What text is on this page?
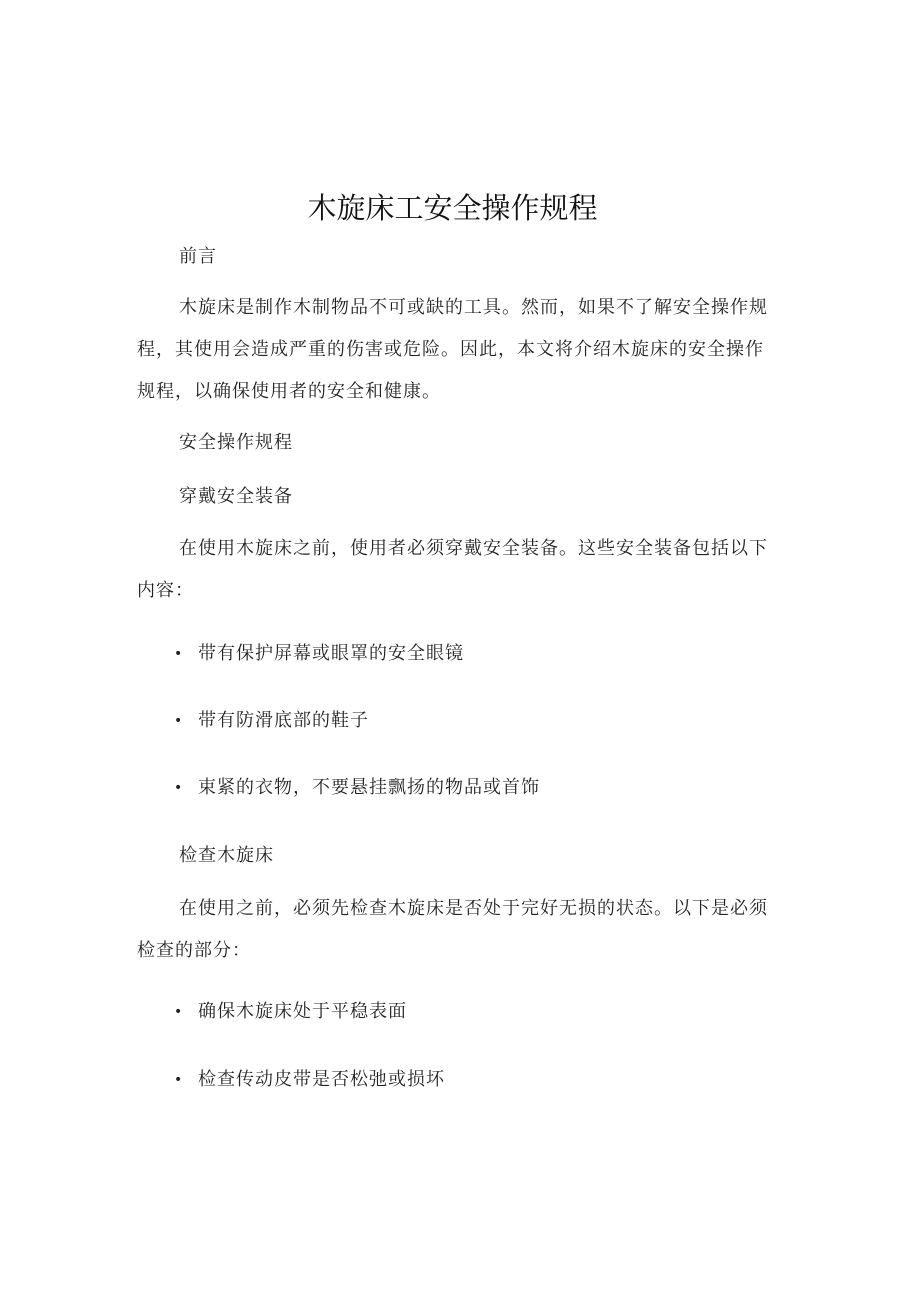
木旋床工安全操作规程
前言
木旋床是制作木制物品不可或缺的工具。然而，如果不了解安全操作规程，其使用会造成严重的伤害或危险。因此，本文将介绍木旋床的安全操作规程，以确保使用者的安全和健康。
安全操作规程
穿戴安全装备
在使用木旋床之前，使用者必须穿戴安全装备。这些安全装备包括以下内容：
• 带有保护屏幕或眼罩的安全眼镜
• 带有防滑底部的鞋子
• 束紧的衣物，不要悬挂飘扬的物品或首饰
检查木旋床
在使用之前，必须先检查木旋床是否处于完好无损的状态。以下是必须检查的部分：
• 确保木旋床处于平稳表面
• 检查传动皮带是否松弛或损坏
